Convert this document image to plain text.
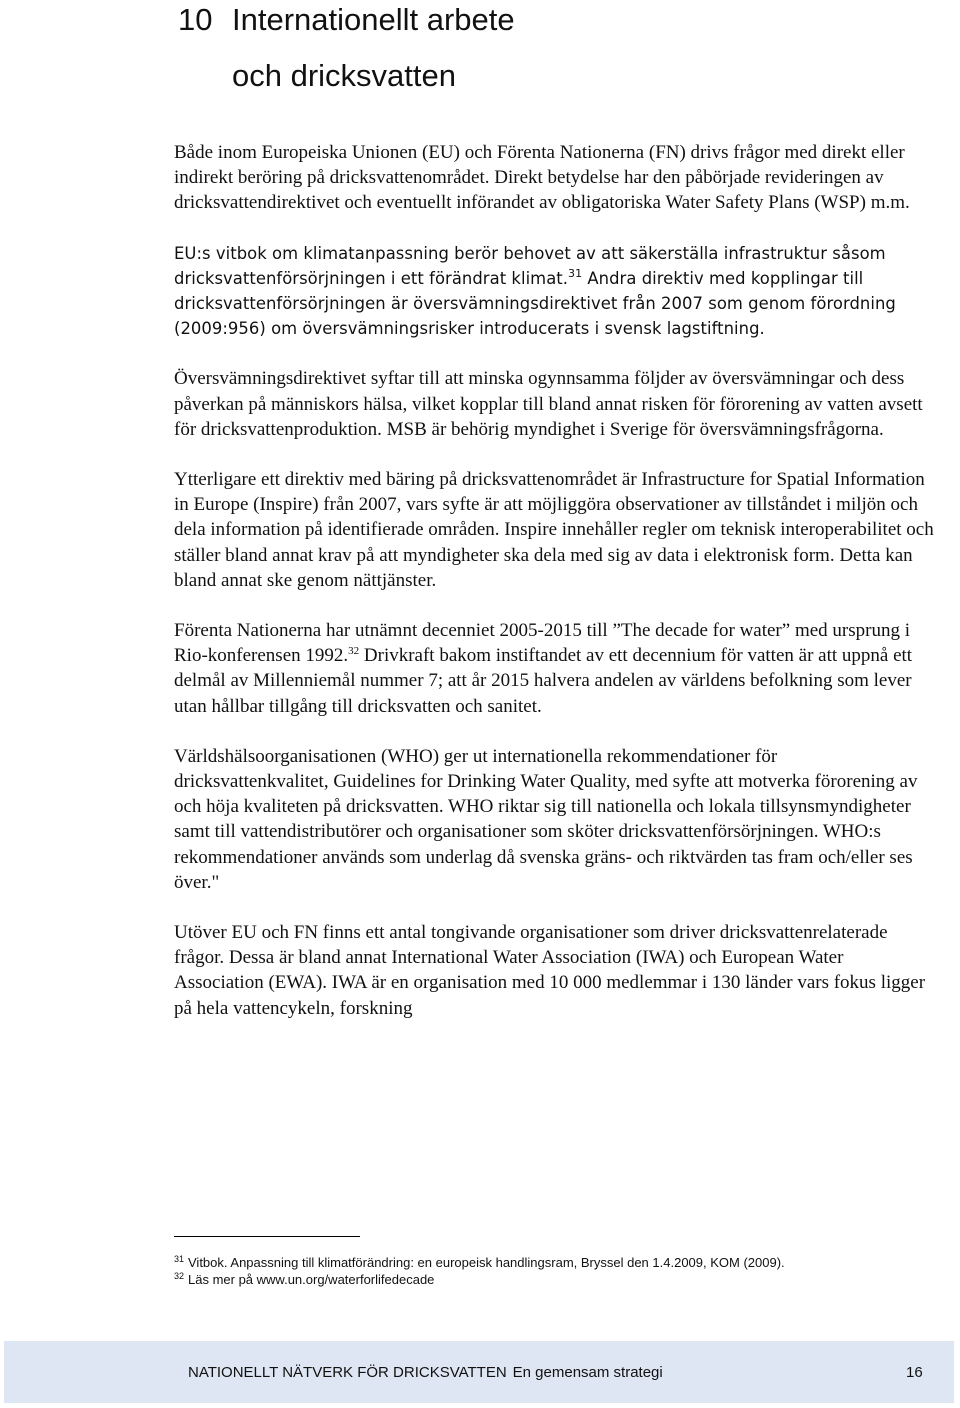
10 Internationellt arbete
och dricksvatten

Både inom Europeiska Unionen (EU) och Förenta Nationerna (FN) drivs frågor med direkt eller indirekt beröring på dricksvattenområdet. Direkt betydelse har den påbörjade revideringen av dricksvattendirektivet och eventuellt införandet av obligatoriska Water Safety Plans (WSP) m.m.

EU:s vitbok om klimatanpassning berör behovet av att säkerställa infrastruktur såsom dricksvattenförsörjningen i ett förändrat klimat.$^{31}$ Andra direktiv med kopplingar till dricksvattenförsörjningen är översvämningsdirektivet från 2007 som genom förordning (2009:956) om översvämningsrisker introducerats i svensk lagstiftning.

Översvämningsdirektivet syftar till att minska ogynnsamma följder av översvämningar och dess påverkan på människors hälsa, vilket kopplar till bland annat risken för förorening av vatten avsett för dricksvattenproduktion. MSB är behörig myndighet i Sverige för översvämningsfrågorna.

Ytterligare ett direktiv med bäring på dricksvattenområdet är Infrastructure for Spatial Information in Europe (Inspire) från 2007, vars syfte är att möjliggöra observationer av tillståndet i miljön och dela information på identifierade områden. Inspire innehåller regler om teknisk interoperabilitet och ställer bland annat krav på att myndigheter ska dela med sig av data i elektronisk form. Detta kan bland annat ske genom nättjänster.

Förenta Nationerna har utnämnt decenniet 2005-2015 till ”The decade for water” med ursprung i Rio-konferensen 1992.32 Drivkraft bakom instiftandet av ett decennium för vatten är att uppnå ett delmål av Millenniemål nummer 7; att år 2015 halvera andelen av världens befolkning som lever utan hållbar tillgång till dricksvatten och sanitet.

Världshälsoorganisationen (WHO) ger ut internationella rekommendationer för dricksvattenkvalitet, Guidelines for Drinking Water Quality, med syfte att motverka förorening av och höja kvaliteten på dricksvatten. WHO riktar sig till nationella och lokala tillsynsmyndigheter samt till vattendistributörer och organisationer som sköter dricksvattenförsörjningen. WHO:s rekommendationer används som underlag då svenska gräns- och riktvärden tas fram och/eller ses över."

Utöver EU och FN finns ett antal tongivande organisationer som driver dricksvattenrelaterade frågor. Dessa är bland annat International Water Association (IWA) och European Water Association (EWA). IWA är en organisation med 10 000 medlemmar i 130 länder vars fokus ligger på hela vattencykeln, forskning

31 Vitbok. Anpassning till klimatförändring: en europeisk handlingsram, Bryssel den 1.4.2009, KOM (2009).
32 Läs mer på www.un.org/waterforlifedecade
NATIONELLT NÄTVERK FÖR DRICKSVATTEN En gemensam strategi	16
